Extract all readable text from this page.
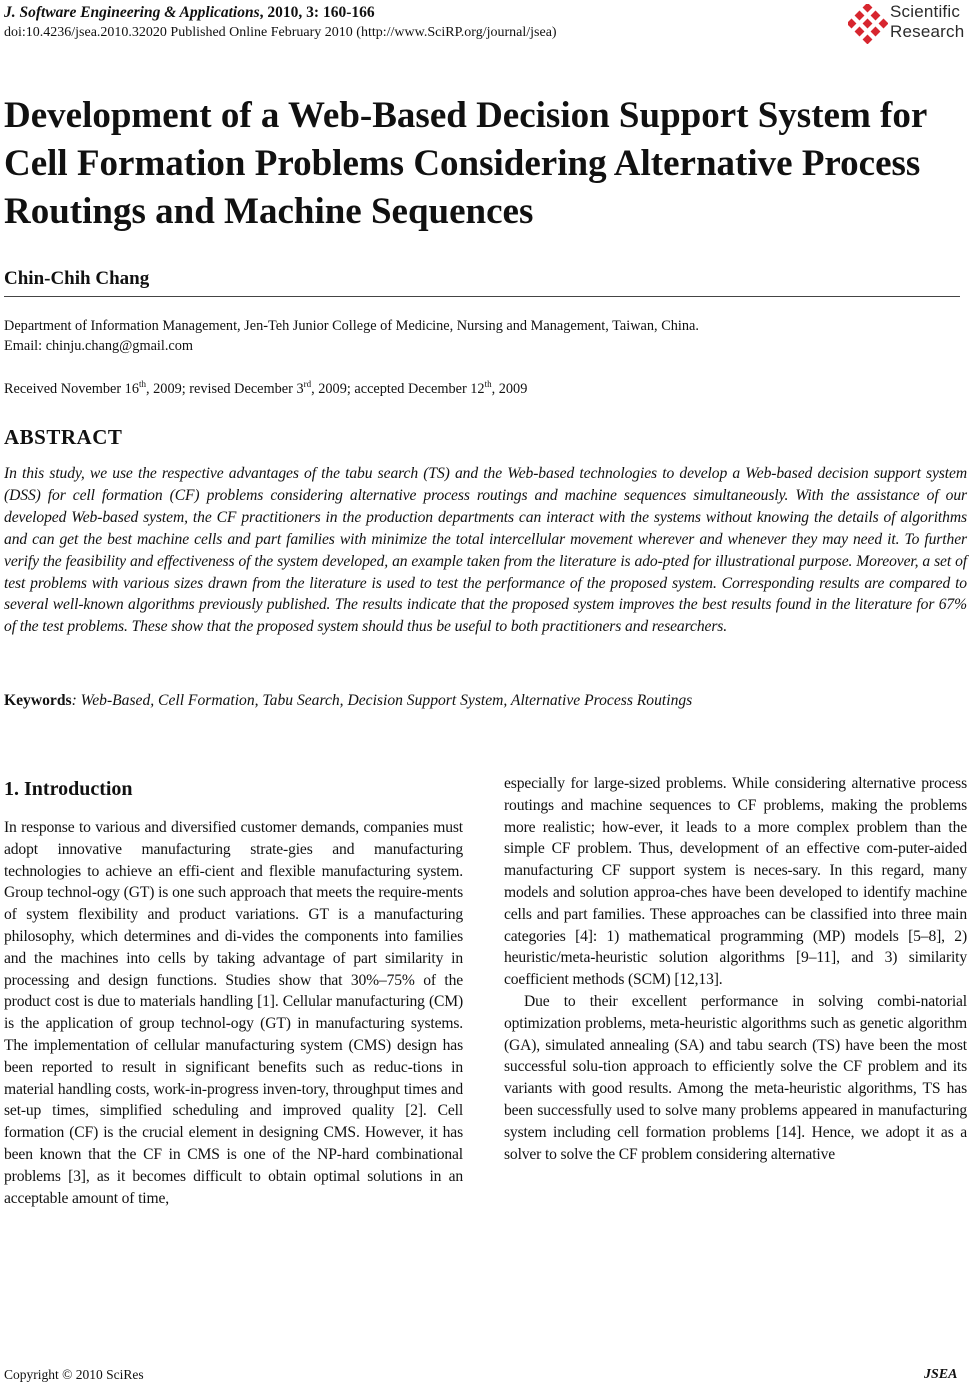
J. Software Engineering & Applications, 2010, 3: 160-166
doi:10.4236/jsea.2010.32020 Published Online February 2010 (http://www.SciRP.org/journal/jsea)
Scientific
Research
Development of a Web-Based Decision Support System for Cell Formation Problems Considering Alternative Process Routings and Machine Sequences
Chin-Chih Chang
Department of Information Management, Jen-Teh Junior College of Medicine, Nursing and Management, Taiwan, China.
Email: chinju.chang@gmail.com
Received November 16th, 2009; revised December 3rd, 2009; accepted December 12th, 2009
ABSTRACT

In this study, we use the respective advantages of the tabu search (TS) and the Web-based technologies to develop a Web-based decision support system (DSS) for cell formation (CF) problems considering alternative process routings and machine sequences simultaneously. With the assistance of our developed Web-based system, the CF practitioners in the production departments can interact with the systems without knowing the details of algorithms and can get the best machine cells and part families with minimize the total intercellular movement wherever and whenever they may need it. To further verify the feasibility and effectiveness of the system developed, an example taken from the literature is ado-pted for illustrational purpose. Moreover, a set of test problems with various sizes drawn from the literature is used to test the performance of the proposed system. Corresponding results are compared to several well-known algorithms previously published. The results indicate that the proposed system improves the best results found in the literature for 67% of the test problems. These show that the proposed system should thus be useful to both practitioners and researchers.

Keywords: Web-Based, Cell Formation, Tabu Search, Decision Support System, Alternative Process Routings
1. Introduction

In response to various and diversified customer demands, companies must adopt innovative manufacturing strate-gies and manufacturing technologies to achieve an effi-cient and flexible manufacturing system. Group technol-ogy (GT) is one such approach that meets the require-ments of system flexibility and product variations. GT is a manufacturing philosophy, which determines and di-vides the components into families and the machines into cells by taking advantage of part similarity in processing and design functions. Studies show that 30%–75% of the product cost is due to materials handling [1]. Cellular manufacturing (CM) is the application of group technol-ogy (GT) in manufacturing systems. The implementation of cellular manufacturing system (CMS) design has been reported to result in significant benefits such as reduc-tions in material handling costs, work-in-progress inven-tory, throughput times and set-up times, simplified scheduling and improved quality [2]. Cell formation (CF) is the crucial element in designing CMS. However, it has been known that the CF in CMS is one of the NP-hard combinational problems [3], as it becomes difficult to obtain optimal solutions in an acceptable amount of time,

especially for large-sized problems. While considering alternative process routings and machine sequences to CF problems, making the problems more realistic; how-ever, it leads to a more complex problem than the simple CF problem. Thus, development of an effective com-puter-aided manufacturing CF support system is neces-sary. In this regard, many models and solution approa-ches have been developed to identify machine cells and part families. These approaches can be classified into three main categories [4]: 1) mathematical programming (MP) models [5–8], 2) heuristic/meta-heuristic solution algorithms [9–11], and 3) similarity coefficient methods (SCM) [12,13].

Due to their excellent performance in solving combi-natorial optimization problems, meta-heuristic algorithms such as genetic algorithm (GA), simulated annealing (SA) and tabu search (TS) have been the most successful solu-tion approach to efficiently solve the CF problem and its variants with good results. Among the meta-heuristic algorithms, TS has been successfully used to solve many problems appeared in manufacturing system including cell formation problems [14]. Hence, we adopt it as a solver to solve the CF problem considering alternative

Copyright © 2010 SciRes	JSEA
